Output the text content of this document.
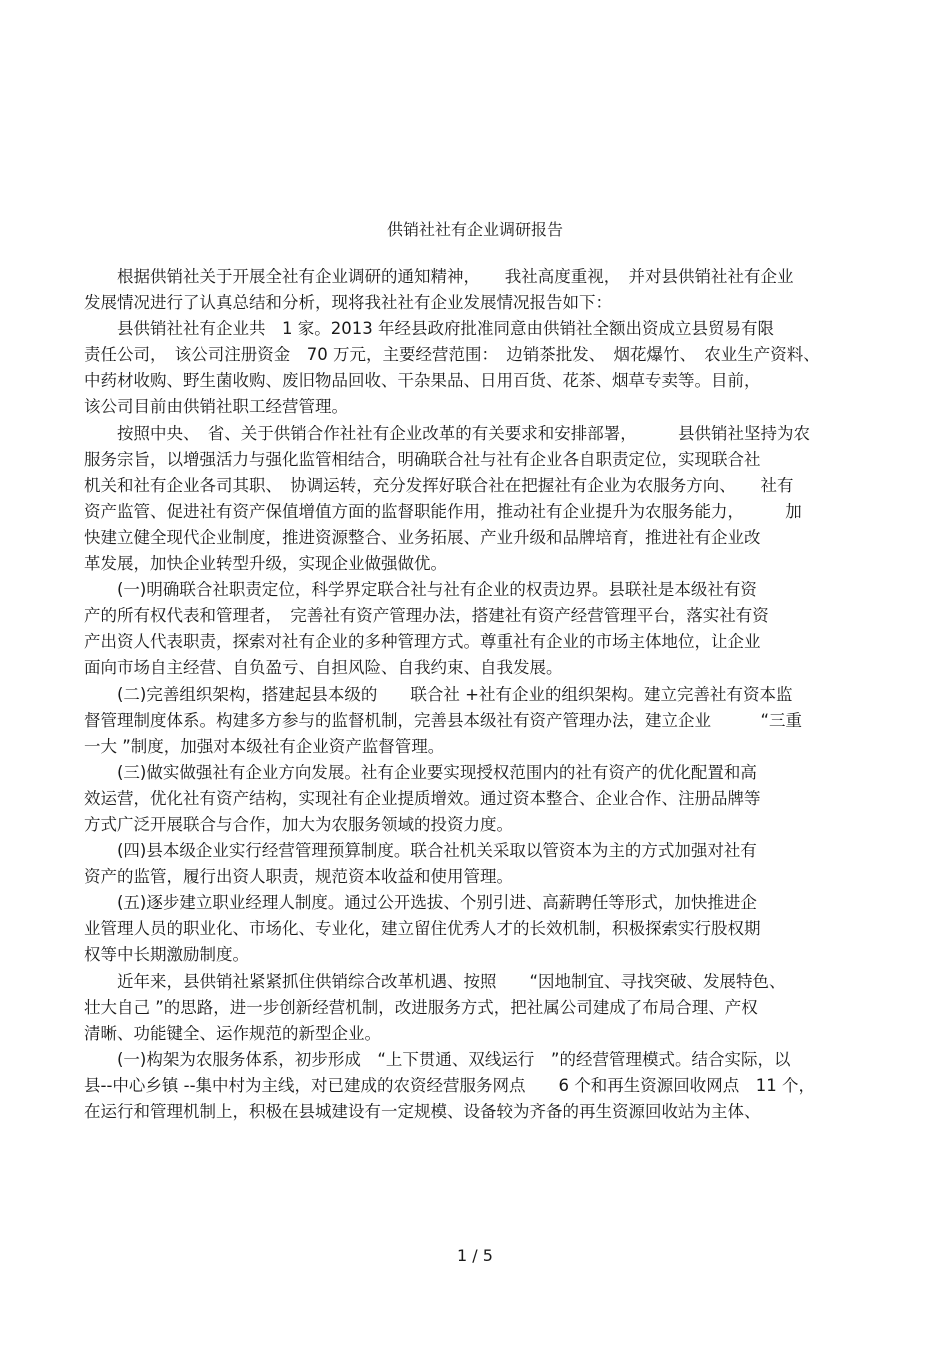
供销社社有企业调研报告
　　根据供销社关于开展全社有企业调研的通知精神，　　我社高度重视，　并对县供销社社有企业
发展情况进行了认真总结和分析，现将我社社有企业发展情况报告如下：
　　县供销社社有企业共　1 家。2013 年经县政府批准同意由供销社全额出资成立县贸易有限
责任公司，　该公司注册资金　70 万元，主要经营范围：　边销茶批发、　烟花爆竹、　农业生产资料、
中药材收购、野生菌收购、废旧物品回收、干杂果品、日用百货、花茶、烟草专卖等。目前，
该公司目前由供销社职工经营管理。
　　按照中央、　省、关于供销合作社社有企业改革的有关要求和安排部署，　　　县供销社坚持为农
服务宗旨，以增强活力与强化监管相结合，明确联合社与社有企业各自职责定位，实现联合社
机关和社有企业各司其职、　协调运转，充分发挥好联合社在把握社有企业为农服务方向、　　社有
资产监管、促进社有资产保值增值方面的监督职能作用，推动社有企业提升为农服务能力，　　　加
快建立健全现代企业制度，推进资源整合、业务拓展、产业升级和品牌培育，推进社有企业改
革发展，加快企业转型升级，实现企业做强做优。
　　(一)明确联合社职责定位，科学界定联合社与社有企业的权责边界。县联社是本级社有资
产的所有权代表和管理者，　完善社有资产管理办法，搭建社有资产经营管理平台，落实社有资
产出资人代表职责，探索对社有企业的多种管理方式。尊重社有企业的市场主体地位，让企业
面向市场自主经营、自负盈亏、自担风险、自我约束、自我发展。
　　(二)完善组织架构，搭建起县本级的　　联合社 +社有企业的组织架构。建立完善社有资本监
督管理制度体系。构建多方参与的监督机制，完善县本级社有资产管理办法，建立企业　　　“三重
一大 ”制度，加强对本级社有企业资产监督管理。
　　(三)做实做强社有企业方向发展。社有企业要实现授权范围内的社有资产的优化配置和高
效运营，优化社有资产结构，实现社有企业提质增效。通过资本整合、企业合作、注册品牌等
方式广泛开展联合与合作，加大为农服务领域的投资力度。
　　(四)县本级企业实行经营管理预算制度。联合社机关采取以管资本为主的方式加强对社有
资产的监管，履行出资人职责，规范资本收益和使用管理。
　　(五)逐步建立职业经理人制度。通过公开选拔、个别引进、高薪聘任等形式，加快推进企
业管理人员的职业化、市场化、专业化，建立留住优秀人才的长效机制，积极探索实行股权期
权等中长期激励制度。
　　近年来，县供销社紧紧抓住供销综合改革机遇、按照　　“因地制宜、寻找突破、发展特色、
壮大自己 ”的思路，进一步创新经营机制，改进服务方式，把社属公司建成了布局合理、产权
清晰、功能键全、运作规范的新型企业。
　　(一)构架为农服务体系，初步形成　“上下贯通、双线运行　”的经营管理模式。结合实际，以
县--中心乡镇 --集中村为主线，对已建成的农资经营服务网点　　6 个和再生资源回收网点　11 个，
在运行和管理机制上，积极在县城建设有一定规模、设备较为齐备的再生资源回收站为主体、
1 / 5
